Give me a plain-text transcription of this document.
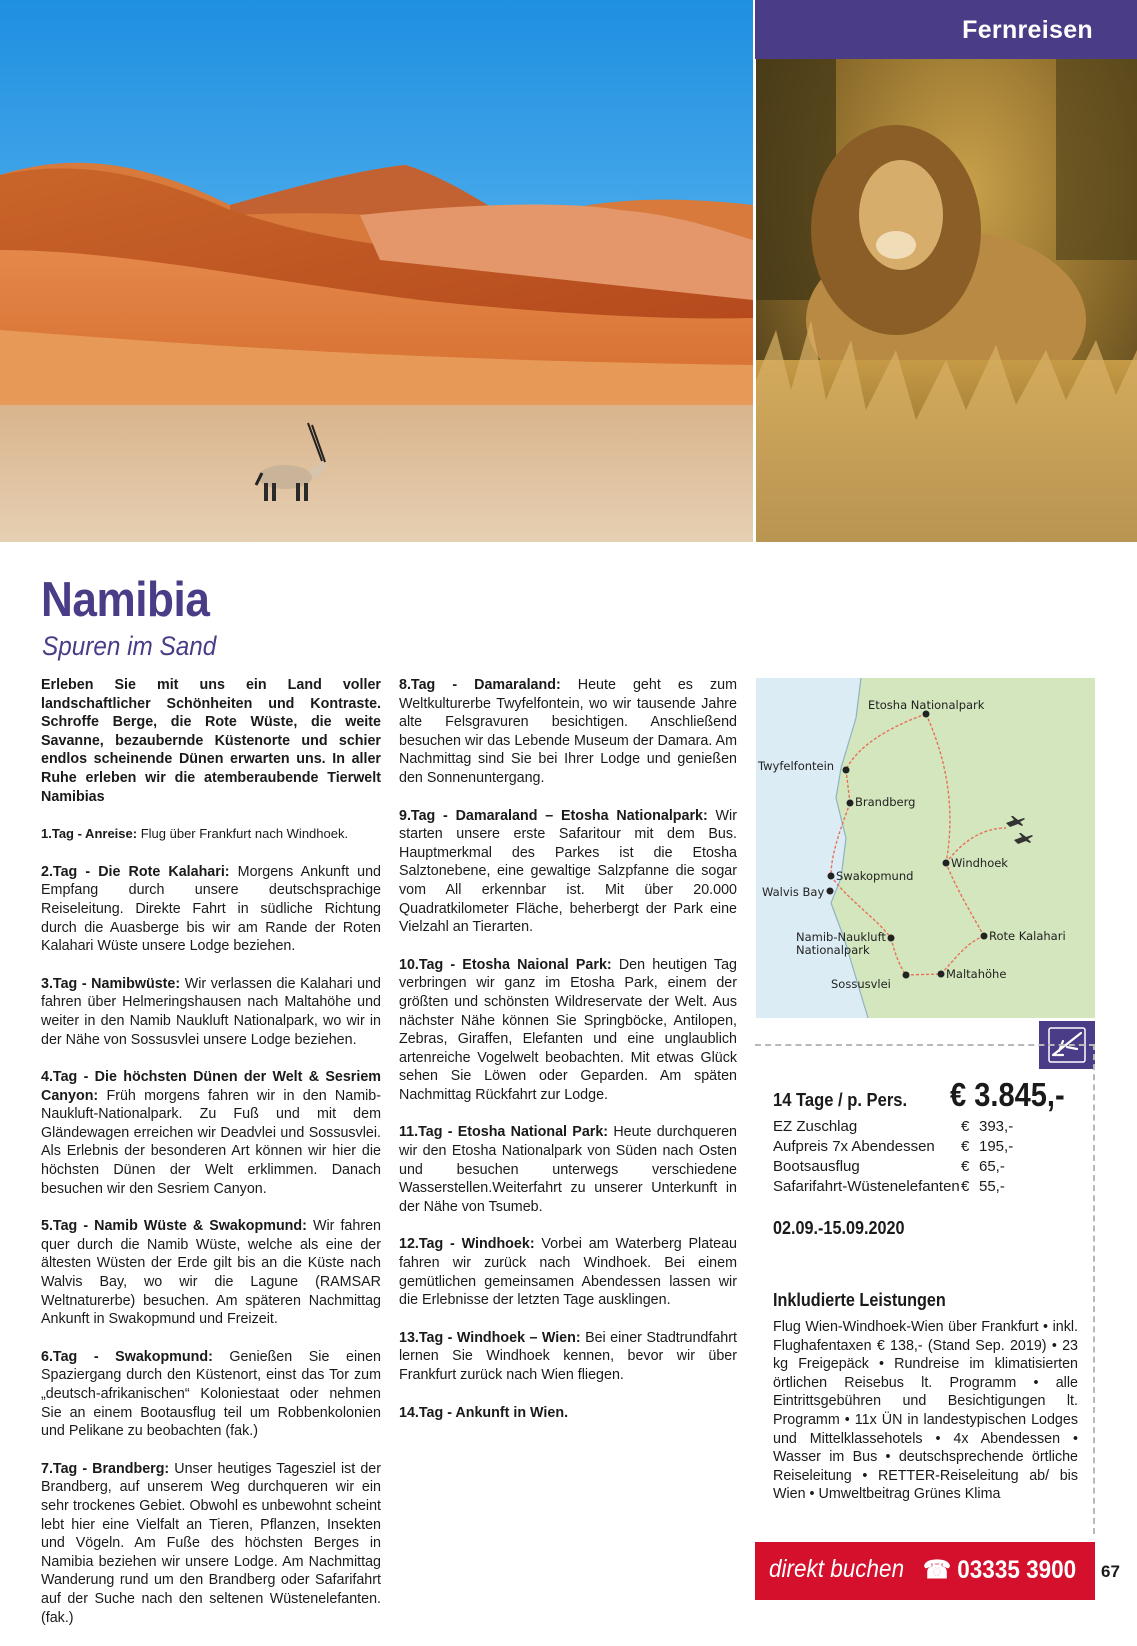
Fernreisen
Namibia
Spuren im Sand

Erleben Sie mit uns ein Land voller landschaftlicher Schönheiten und Kontraste. Schroffe Berge, die Rote Wüste, die weite Savanne, bezaubernde Küstenorte und schier endlos scheinende Dünen erwarten uns. In aller Ruhe erleben wir die atemberaubende Tierwelt Namibias

1.Tag - Anreise: Flug über Frankfurt nach Windhoek.

2.Tag - Die Rote Kalahari: Morgens Ankunft und Empfang durch unsere deutschsprachige Reiseleitung. Direkte Fahrt in südliche Richtung durch die Auasberge bis wir am Rande der Roten Kalahari Wüste unsere Lodge beziehen.

3.Tag - Namibwüste: Wir verlassen die Kalahari und fahren über Helmeringshausen nach Maltahöhe und weiter in den Namib Naukluft Nationalpark, wo wir in der Nähe von Sossusvlei unsere Lodge beziehen.

4.Tag - Die höchsten Dünen der Welt & Sesriem Canyon: Früh morgens fahren wir in den Namib-Naukluft-Nationalpark. Zu Fuß und mit dem Gländewagen erreichen wir Deadvlei und Sossusvlei. Als Erlebnis der besonderen Art können wir hier die höchsten Dünen der Welt erklimmen. Danach besuchen wir den Sesriem Canyon.

5.Tag - Namib Wüste & Swakopmund: Wir fahren quer durch die Namib Wüste, welche als eine der ältesten Wüsten der Erde gilt bis an die Küste nach Walvis Bay, wo wir die Lagune (RAMSAR Weltnaturerbe) besuchen. Am späteren Nachmittag Ankunft in Swakopmund und Freizeit.

6.Tag - Swakopmund: Genießen Sie einen Spaziergang durch den Küstenort, einst das Tor zum „deutsch-afrikanischen“ Koloniestaat oder nehmen Sie an einem Bootausflug teil um Robbenkolonien und Pelikane zu beobachten (fak.)

7.Tag - Brandberg: Unser heutiges Tagesziel ist der Brandberg, auf unserem Weg durchqueren wir ein sehr trockenes Gebiet. Obwohl es unbewohnt scheint lebt hier eine Vielfalt an Tieren, Pflanzen, Insekten und Vögeln. Am Fuße des höchsten Berges in Namibia beziehen wir unsere Lodge. Am Nachmittag Wanderung rund um den Brandberg oder Safarifahrt auf der Suche nach den seltenen Wüstenelefanten. (fak.)

8.Tag - Damaraland: Heute geht es zum Weltkulturerbe Twyfelfontein, wo wir tausende Jahre alte Felsgravuren besichtigen. Anschließend besuchen wir das Lebende Museum der Damara. Am Nachmittag sind Sie bei Ihrer Lodge und genießen den Sonnenuntergang.

9.Tag - Damaraland – Etosha Nationalpark: Wir starten unsere erste Safaritour mit dem Bus. Hauptmerkmal des Parkes ist die Etosha Salztonebene, eine gewaltige Salzpfanne die sogar vom All erkennbar ist. Mit über 20.000 Quadratkilometer Fläche, beherbergt der Park eine Vielzahl an Tierarten.

10.Tag - Etosha Naional Park: Den heutigen Tag verbringen wir ganz im Etosha Park, einem der größten und schönsten Wildreservate der Welt. Aus nächster Nähe können Sie Springböcke, Antilopen, Zebras, Giraffen, Elefanten und eine unglaublich artenreiche Vogelwelt beobachten. Mit etwas Glück sehen Sie Löwen oder Geparden. Am späten Nachmittag Rückfahrt zur Lodge.

11.Tag - Etosha National Park: Heute durchqueren wir den Etosha Nationalpark von Süden nach Osten und besuchen unterwegs verschiedene Wasserstellen.Weiterfahrt zu unserer Unterkunft in der Nähe von Tsumeb.

12.Tag - Windhoek: Vorbei am Waterberg Plateau fahren wir zurück nach Windhoek. Bei einem gemütlichen gemeinsamen Abendessen lassen wir die Erlebnisse der letzten Tage ausklingen.

13.Tag - Windhoek – Wien: Bei einer Stadtrundfahrt lernen Sie Windhoek kennen, bevor wir über Frankfurt zurück nach Wien fliegen.

14.Tag - Ankunft in Wien.

Etosha Nationalpark
Twyfelfontein
Brandberg
Windhoek
Swakopmund
Walvis Bay
Namib-Naukluft
Nationalpark
Rote Kalahari
Maltahöhe
Sossusvlei
14 Tage / p. Pers. € 3.845,-
EZ Zuschlag	€ 393,-
Aufpreis 7x Abendessen € 195,-
Bootsausflug	€ 65,-
Safarifahrt-Wüstenelefanten € 55,-
02.09.-15.09.2020
Inkludierte Leistungen
Flug Wien-Windhoek-Wien über Frankfurt • inkl. Flughafentaxen € 138,- (Stand Sep. 2019) • 23 kg Freigepäck • Rundreise im klimatisierten örtlichen Reisebus lt. Programm • alle Eintrittsgebühren und Besichtigungen lt. Programm • 11x ÜN in landestypischen Lodges und Mittelklassehotels • 4x Abendessen • Wasser im Bus • deutschsprechende örtliche Reiseleitung • RETTER-Reiseleitung ab/ bis Wien • Umweltbeitrag Grünes Klima
direkt buchen ☎ 03335 3900 67
